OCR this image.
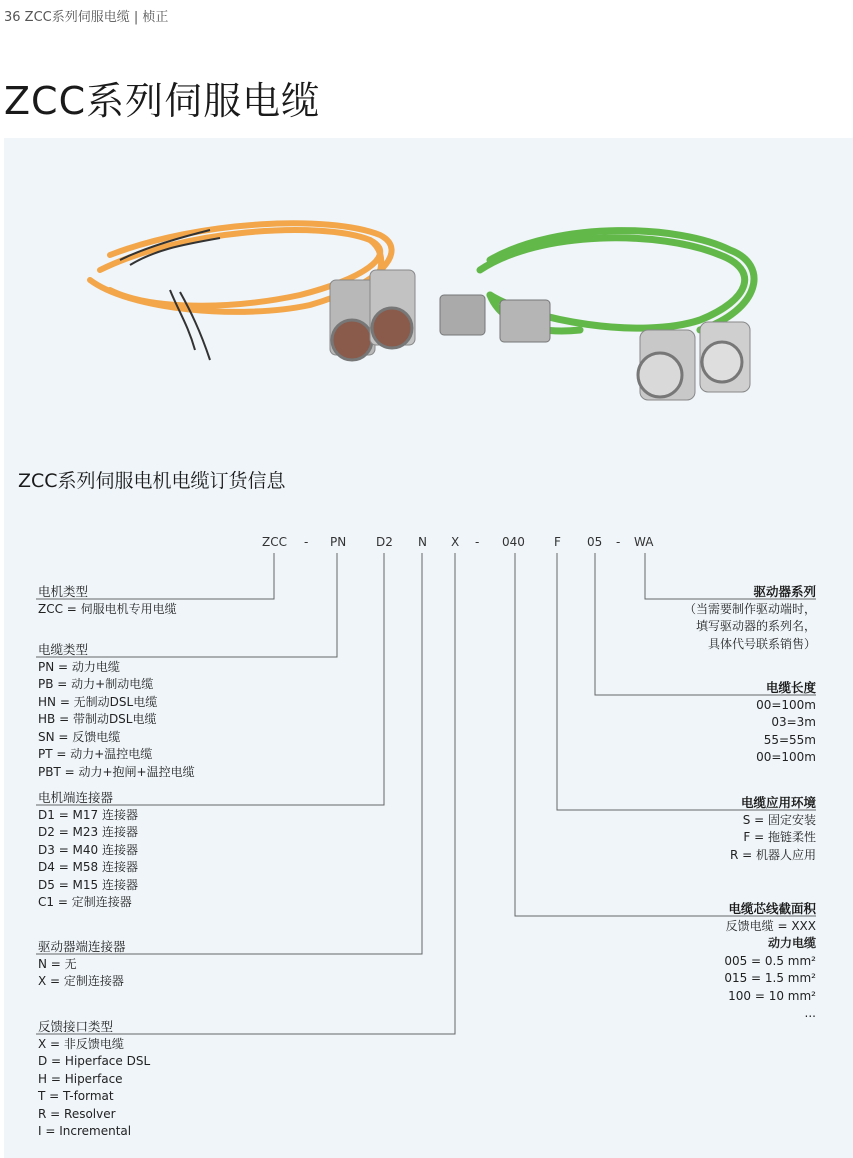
36 ZCC系列伺服电缆 | 桢正
ZCC系列伺服电缆
ZCC系列伺服电机电缆订货信息
ZCC - PN D2 N X - 040 F 05 - WA
电机类型
ZCC = 伺服电机专用电缆
电缆类型
PN = 动力电缆
PB = 动力+制动电缆
HN = 无制动DSL电缆
HB = 带制动DSL电缆
SN = 反馈电缆
PT = 动力+温控电缆
PBT = 动力+抱闸+温控电缆
电机端连接器
D1 = M17 连接器
D2 = M23 连接器
D3 = M40 连接器
D4 = M58 连接器
D5 = M15 连接器
C1 = 定制连接器
驱动器端连接器
N = 无
X = 定制连接器
反馈接口类型
X = 非反馈电缆
D = Hiperface DSL
H = Hiperface
T = T-format
R = Resolver
I = Incremental
驱动器系列
（当需要制作驱动端时，
填写驱动器的系列名，
具体代号联系销售）
电缆长度
00=100m
03=3m
55=55m
00=100m
电缆应用环境
S = 固定安装
F = 拖链柔性
R = 机器人应用
电缆芯线截面积
反馈电缆 = XXX
动力电缆
005 = 0.5 mm²
015 = 1.5 mm²
100 = 10 mm²
...
